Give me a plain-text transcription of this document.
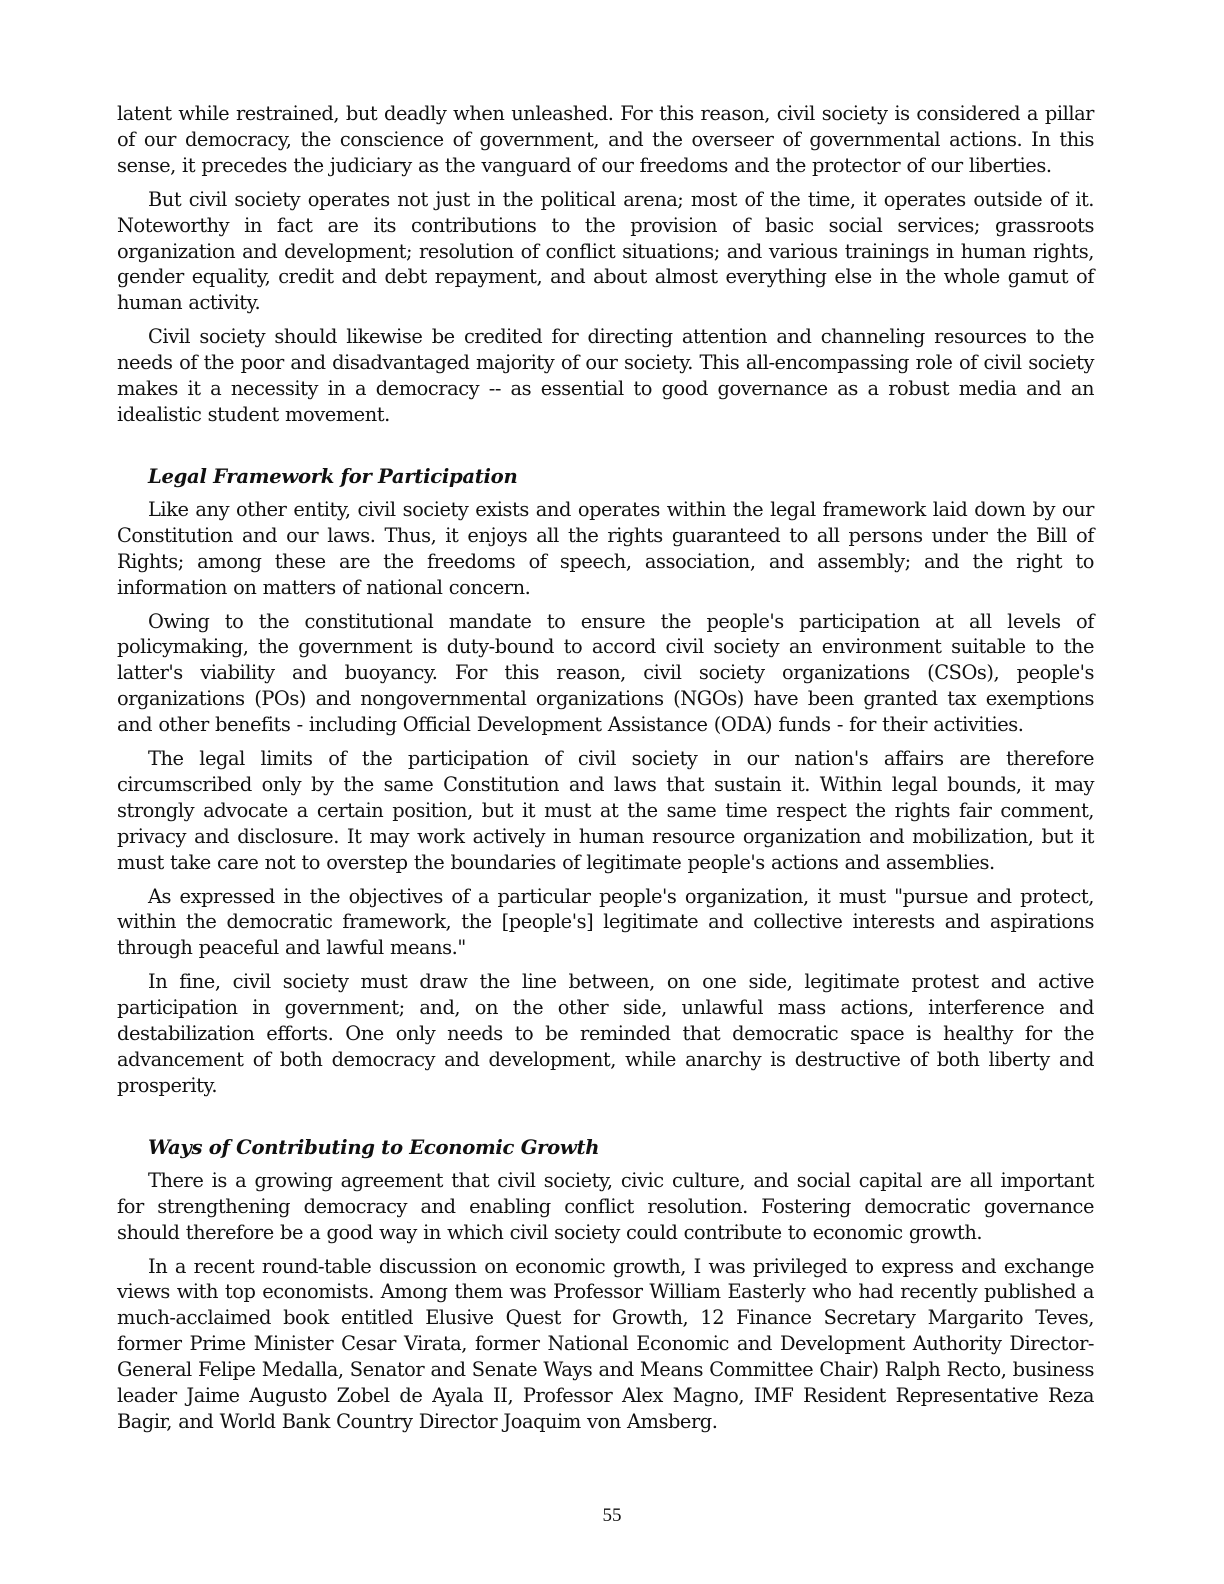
latent while restrained, but deadly when unleashed. For this reason, civil society is considered a pillar of our democracy, the conscience of government, and the overseer of governmental actions. In this sense, it precedes the judiciary as the vanguard of our freedoms and the protector of our liberties.

But civil society operates not just in the political arena; most of the time, it operates outside of it. Noteworthy in fact are its contributions to the provision of basic social services; grassroots organization and development; resolution of conflict situations; and various trainings in human rights, gender equality, credit and debt repayment, and about almost everything else in the whole gamut of human activity.

Civil society should likewise be credited for directing attention and channeling resources to the needs of the poor and disadvantaged majority of our society. This all-encompassing role of civil society makes it a necessity in a democracy -- as essential to good governance as a robust media and an idealistic student movement.

Legal Framework for Participation

Like any other entity, civil society exists and operates within the legal framework laid down by our Constitution and our laws. Thus, it enjoys all the rights guaranteed to all persons under the Bill of Rights; among these are the freedoms of speech, association, and assembly; and the right to information on matters of national concern.

Owing to the constitutional mandate to ensure the people's participation at all levels of policymaking, the government is duty-bound to accord civil society an environment suitable to the latter's viability and buoyancy. For this reason, civil society organizations (CSOs), people's organizations (POs) and nongovernmental organizations (NGOs) have been granted tax exemptions and other benefits - including Official Development Assistance (ODA) funds - for their activities.

The legal limits of the participation of civil society in our nation's affairs are therefore circumscribed only by the same Constitution and laws that sustain it. Within legal bounds, it may strongly advocate a certain position, but it must at the same time respect the rights fair comment, privacy and disclosure. It may work actively in human resource organization and mobilization, but it must take care not to overstep the boundaries of legitimate people's actions and assemblies.

As expressed in the objectives of a particular people's organization, it must "pursue and protect, within the democratic framework, the [people's] legitimate and collective interests and aspirations through peaceful and lawful means."

In fine, civil society must draw the line between, on one side, legitimate protest and active participation in government; and, on the other side, unlawful mass actions, interference and destabilization efforts. One only needs to be reminded that democratic space is healthy for the advancement of both democracy and development, while anarchy is destructive of both liberty and prosperity.

Ways of Contributing to Economic Growth

There is a growing agreement that civil society, civic culture, and social capital are all important for strengthening democracy and enabling conflict resolution. Fostering democratic governance should therefore be a good way in which civil society could contribute to economic growth.

In a recent round-table discussion on economic growth, I was privileged to express and exchange views with top economists. Among them was Professor William Easterly who had recently published a much-acclaimed book entitled Elusive Quest for Growth, 12 Finance Secretary Margarito Teves, former Prime Minister Cesar Virata, former National Economic and Development Authority Director-General Felipe Medalla, Senator and Senate Ways and Means Committee Chair) Ralph Recto, business leader Jaime Augusto Zobel de Ayala II, Professor Alex Magno, IMF Resident Representative Reza Bagir, and World Bank Country Director Joaquim von Amsberg.

55
